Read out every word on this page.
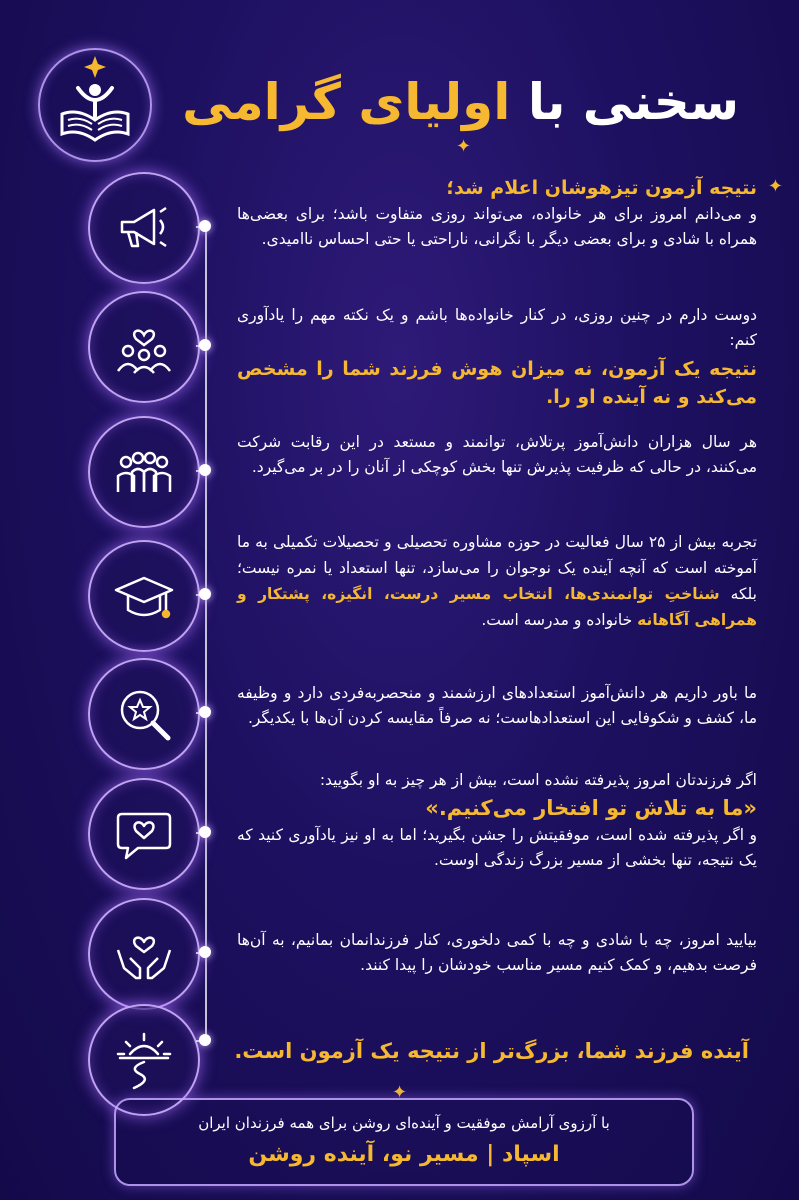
سخنی با اولیای گرامی
✦
✦

نتیجه آزمون تیزهوشان اعلام شد؛

و می‌دانم امروز برای هر خانواده، می‌تواند روزی متفاوت باشد؛ برای بعضی‌ها همراه با شادی و برای بعضی دیگر با نگرانی، ناراحتی یا حتی احساس ناامیدی.

دوست دارم در چنین روزی، در کنار خانواده‌ها باشم و یک نکته مهم را یادآوری کنم:

نتیجه یک آزمون، نه میزان هوش فرزند شما را مشخص می‌کند و نه آینده او را.

هر سال هزاران دانش‌آموز پرتلاش، توانمند و مستعد در این رقابت شرکت می‌کنند، در حالی که ظرفیت پذیرش تنها بخش کوچکی از آنان را در بر می‌گیرد.

تجربه بیش از ۲۵ سال فعالیت در حوزه مشاوره تحصیلی و تحصیلات تکمیلی به ما آموخته است که آنچه آینده یک نوجوان را می‌سازد، تنها استعداد یا نمره نیست؛ بلکه شناختِ توانمندی‌ها، انتخاب مسیر درست، انگیزه، پشتکار و همراهی آگاهانه خانواده و مدرسه است.

ما باور داریم هر دانش‌آموز استعدادهای ارزشمند و منحصربه‌فردی دارد و وظیفه ما، کشف و شکوفایی این استعدادهاست؛ نه صرفاً مقایسه کردن آن‌ها با یکدیگر.

اگر فرزندتان امروز پذیرفته نشده است، بیش از هر چیز به او بگویید:

«ما به تلاش تو افتخار می‌کنیم.»

و اگر پذیرفته شده است، موفقیتش را جشن بگیرید؛ اما به او نیز یادآوری کنید که یک نتیجه، تنها بخشی از مسیر بزرگ زندگی اوست.

بیایید امروز، چه با شادی و چه با کمی دلخوری، کنار فرزندانمان بمانیم، به آن‌ها فرصت بدهیم، و کمک کنیم مسیر مناسب خودشان را پیدا کنند.

آینده فرزند شما، بزرگ‌تر از نتیجه یک آزمون است.
✦
با آرزوی آرامش موفقیت و آینده‌ای روشن برای همه فرزندان ایران
اسپاد | مسیر نو، آینده روشن
